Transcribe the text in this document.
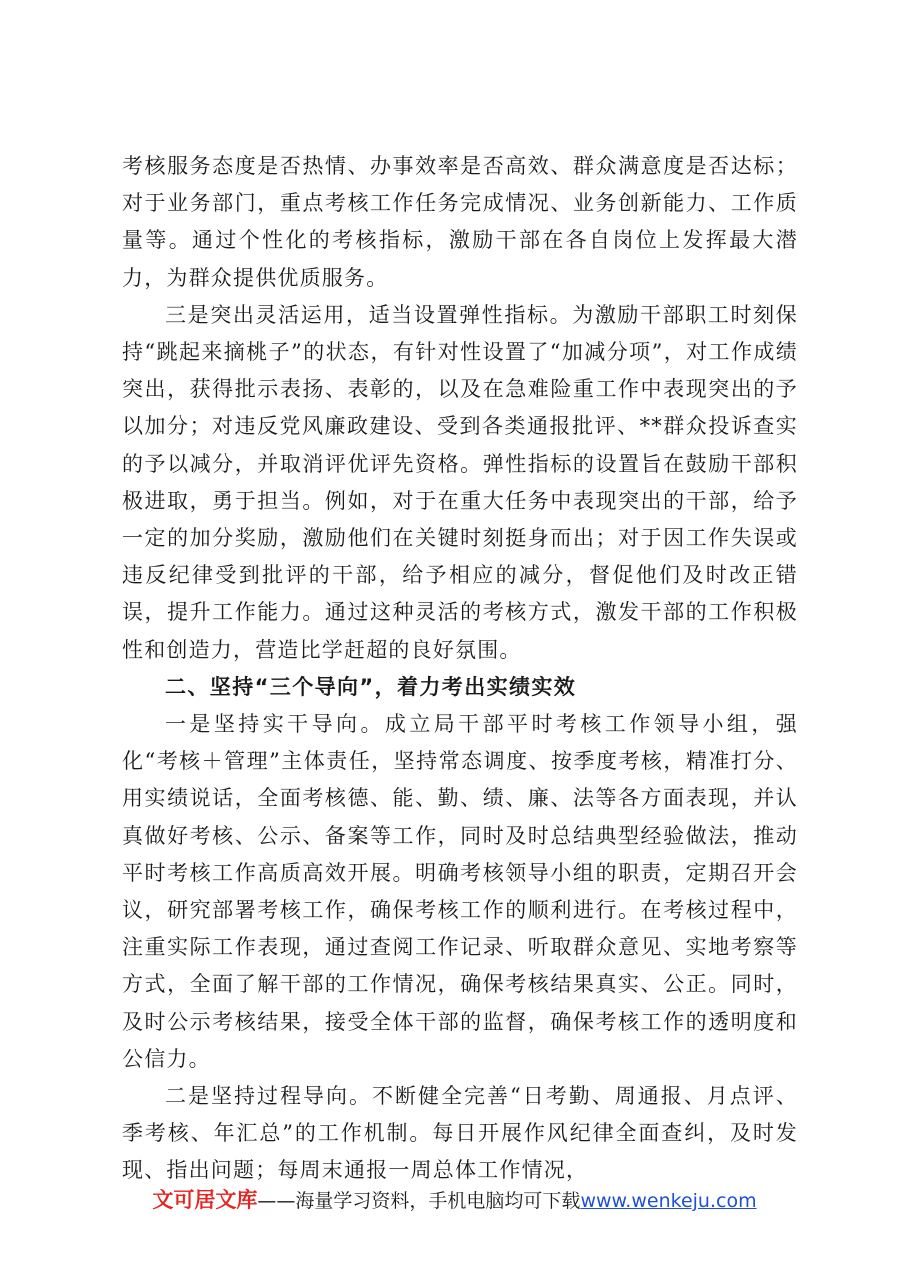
考核服务态度是否热情、办事效率是否高效、群众满意度是否达标；对于业务部门，重点考核工作任务完成情况、业务创新能力、工作质量等。通过个性化的考核指标，激励干部在各自岗位上发挥最大潜力，为群众提供优质服务。

三是突出灵活运用，适当设置弹性指标。为激励干部职工时刻保持“跳起来摘桃子”的状态，有针对性设置了“加减分项”，对工作成绩突出，获得批示表扬、表彰的，以及在急难险重工作中表现突出的予以加分；对违反党风廉政建设、受到各类通报批评、**群众投诉查实的予以减分，并取消评优评先资格。弹性指标的设置旨在鼓励干部积极进取，勇于担当。例如，对于在重大任务中表现突出的干部，给予一定的加分奖励，激励他们在关键时刻挺身而出；对于因工作失误或违反纪律受到批评的干部，给予相应的减分，督促他们及时改正错误，提升工作能力。通过这种灵活的考核方式，激发干部的工作积极性和创造力，营造比学赶超的良好氛围。

二、坚持“三个导向”，着力考出实绩实效

一是坚持实干导向。成立局干部平时考核工作领导小组，强化“考核＋管理”主体责任，坚持常态调度、按季度考核，精准打分、用实绩说话，全面考核德、能、勤、绩、廉、法等各方面表现，并认真做好考核、公示、备案等工作，同时及时总结典型经验做法，推动平时考核工作高质高效开展。明确考核领导小组的职责，定期召开会议，研究部署考核工作，确保考核工作的顺利进行。在考核过程中，注重实际工作表现，通过查阅工作记录、听取群众意见、实地考察等方式，全面了解干部的工作情况，确保考核结果真实、公正。同时，及时公示考核结果，接受全体干部的监督，确保考核工作的透明度和公信力。

二是坚持过程导向。不断健全完善“日考勤、周通报、月点评、季考核、年汇总”的工作机制。每日开展作风纪律全面查纠，及时发现、指出问题；每周末通报一周总体工作情况，

文可居文库——海量学习资料，手机电脑均可下载www.wenkeju.com
